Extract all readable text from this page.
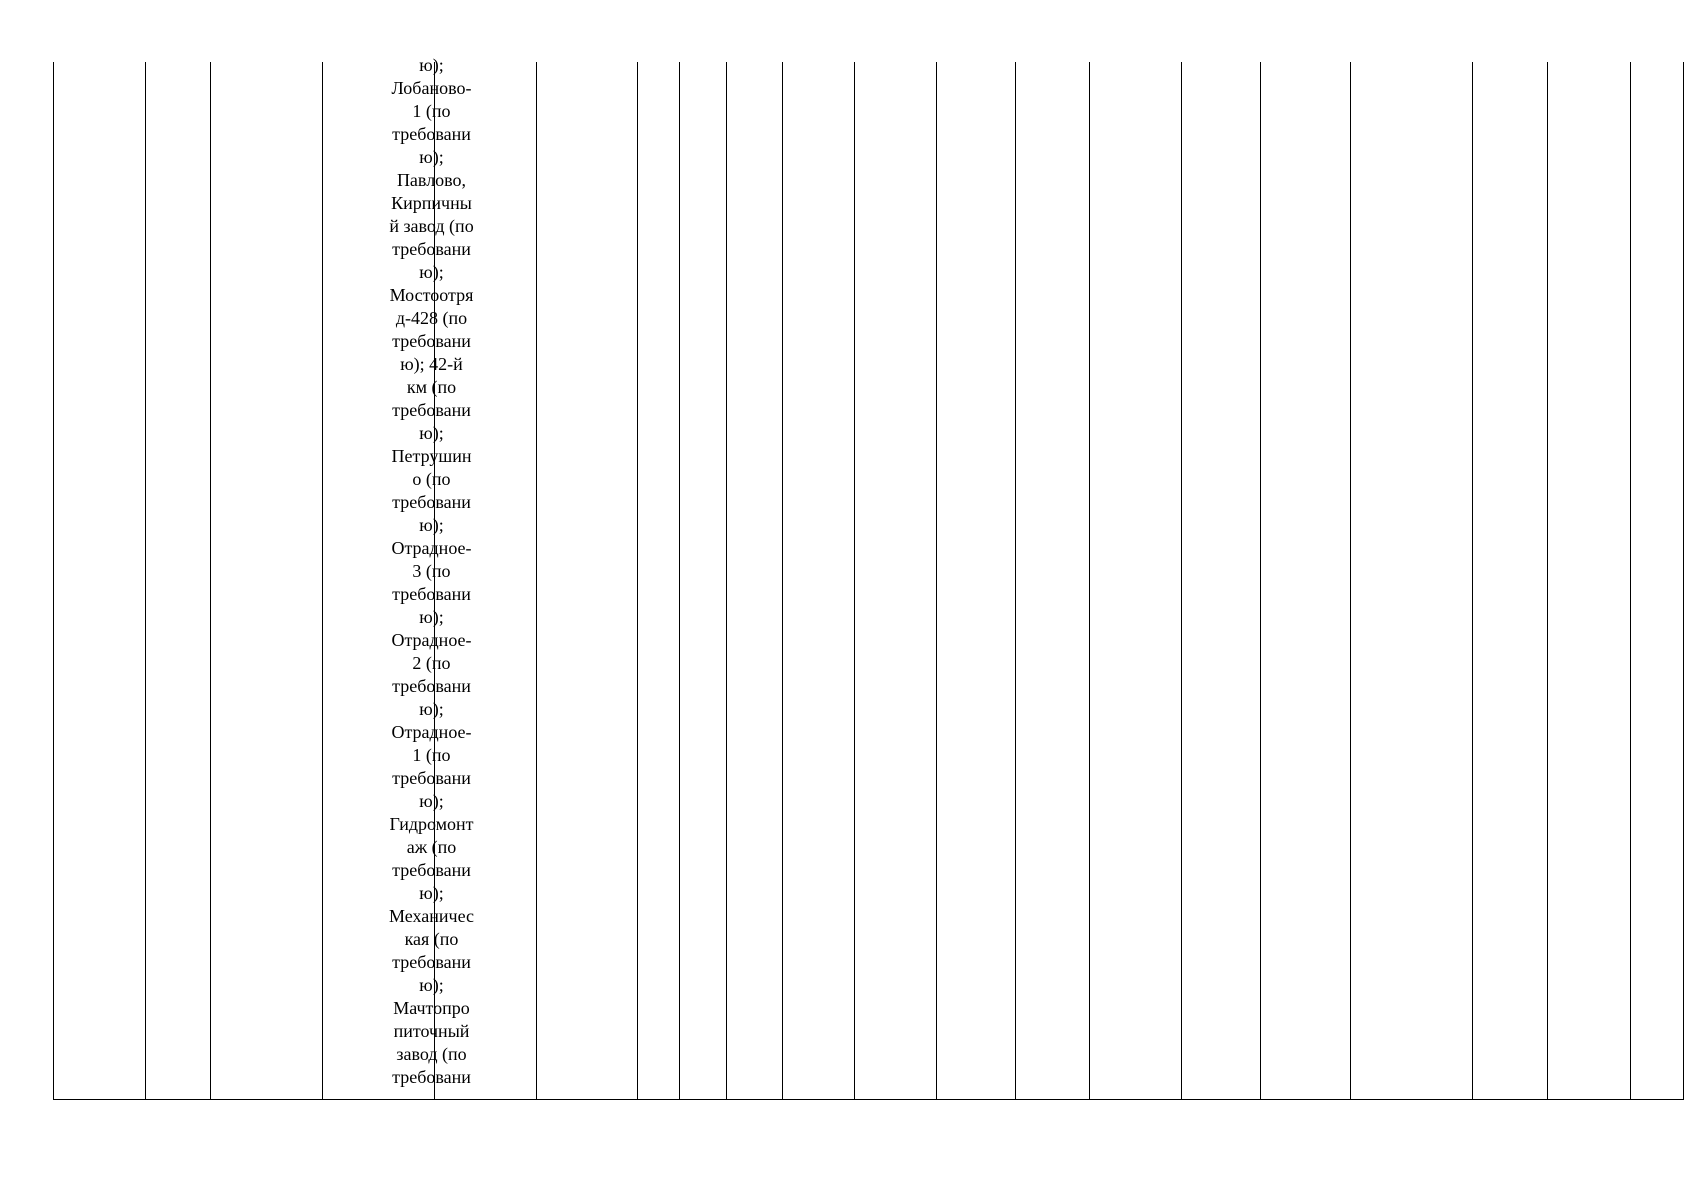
ю);
Лобаново-
1 (по
требовани
ю);
Павлово,
Кирпичны
й завод (по
требовани
ю);
Мостоотря
д-428 (по
требовани
ю); 42-й
км (по
требовани
ю);
Петрушин
о (по
требовани
ю);
Отрадное-
3 (по
требовани
ю);
Отрадное-
2 (по
требовани
ю);
Отрадное-
1 (по
требовани
ю);
Гидромонт
аж (по
требовани
ю);
Механичес
кая (по
требовани
ю);
Мачтопро
питочный
завод (по
требовани
